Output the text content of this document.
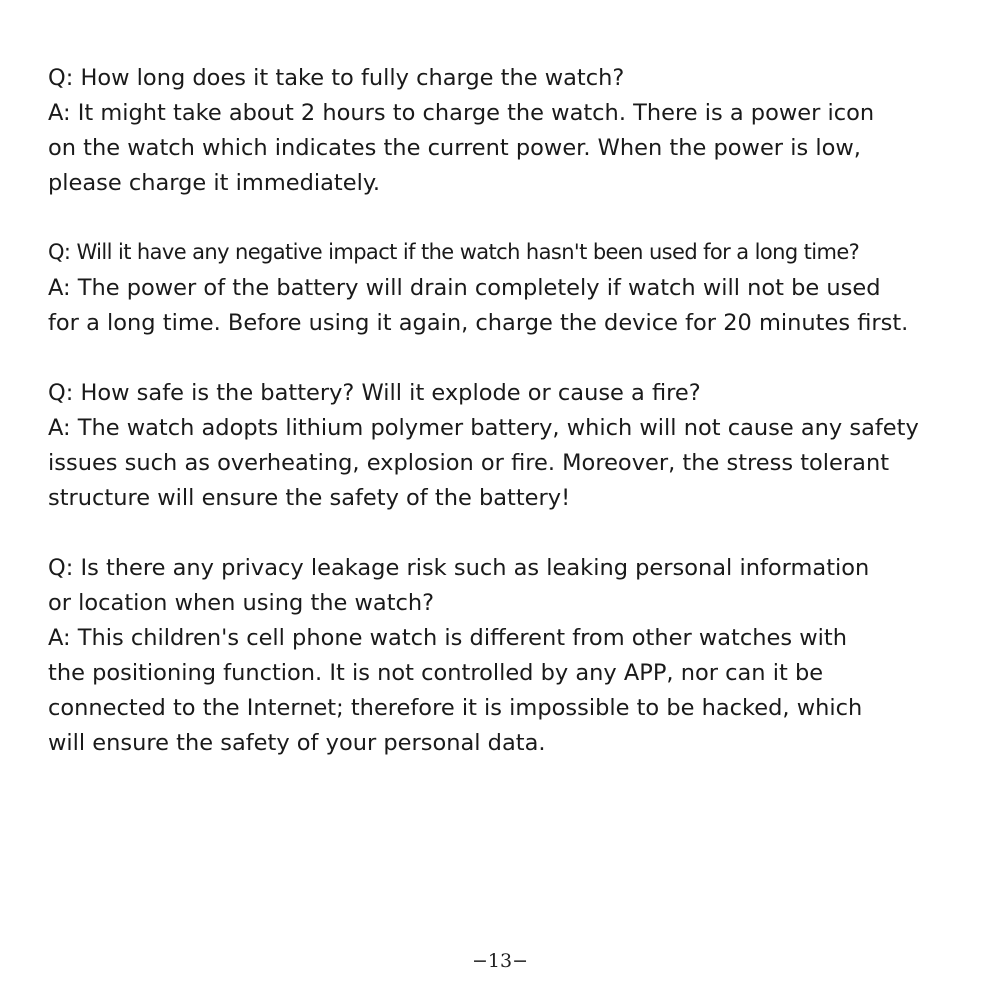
Q: How long does it take to fully charge the watch?
A: It might take about 2 hours to charge the watch. There is a power icon
on the watch which indicates the current power. When the power is low,
please charge it immediately.
Q: Will it have any negative impact if the watch hasn't been used for a long time?
A: The power of the battery will drain completely if watch will not be used
for a long time. Before using it again, charge the device for 20 minutes first.
Q: How safe is the battery? Will it explode or cause a fire?
A: The watch adopts lithium polymer battery, which will not cause any safety
issues such as overheating, explosion or fire. Moreover, the stress tolerant
structure will ensure the safety of the battery!
Q: Is there any privacy leakage risk such as leaking personal information
or location when using the watch?
A: This children's cell phone watch is different from other watches with
the positioning function. It is not controlled by any APP, nor can it be
connected to the Internet; therefore it is impossible to be hacked, which
will ensure the safety of your personal data.
−13−
